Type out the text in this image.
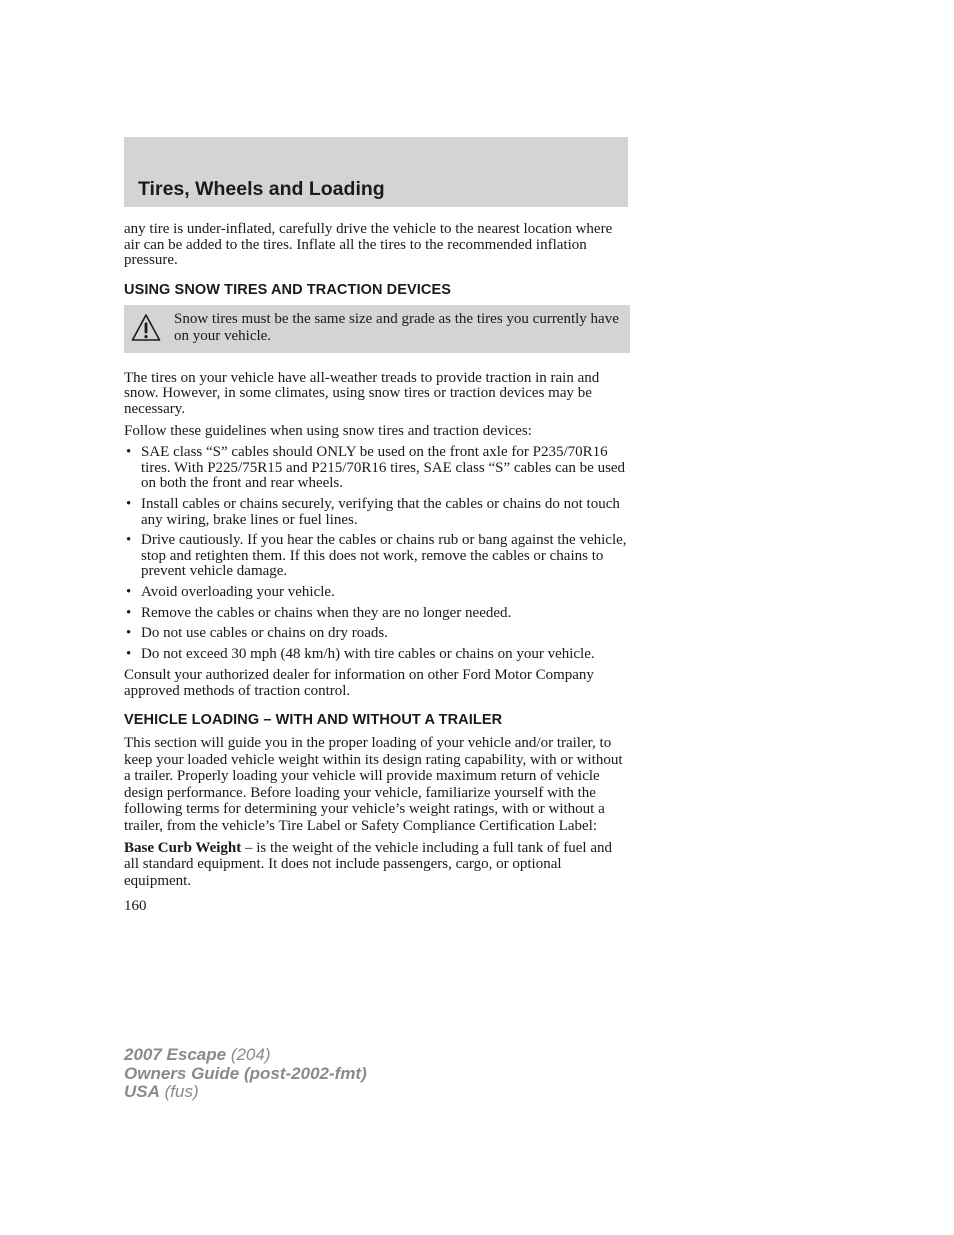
Tires, Wheels and Loading

any tire is under-inflated, carefully drive the vehicle to the nearest location where air can be added to the tires. Inflate all the tires to the recommended inflation pressure.

USING SNOW TIRES AND TRACTION DEVICES
Snow tires must be the same size and grade as the tires you currently have on your vehicle.

The tires on your vehicle have all-weather treads to provide traction in rain and snow. However, in some climates, using snow tires or traction devices may be necessary.

Follow these guidelines when using snow tires and traction devices:

• SAE class “S” cables should ONLY be used on the front axle for P235/70R16 tires. With P225/75R15 and P215/70R16 tires, SAE class “S” cables can be used on both the front and rear wheels.
• Install cables or chains securely, verifying that the cables or chains do not touch any wiring, brake lines or fuel lines.
• Drive cautiously. If you hear the cables or chains rub or bang against the vehicle, stop and retighten them. If this does not work, remove the cables or chains to prevent vehicle damage.
• Avoid overloading your vehicle.
• Remove the cables or chains when they are no longer needed.
• Do not use cables or chains on dry roads.
• Do not exceed 30 mph (48 km/h) with tire cables or chains on your vehicle.

Consult your authorized dealer for information on other Ford Motor Company approved methods of traction control.

VEHICLE LOADING – WITH AND WITHOUT A TRAILER

This section will guide you in the proper loading of your vehicle and/or trailer, to keep your loaded vehicle weight within its design rating capability, with or without a trailer. Properly loading your vehicle will provide maximum return of vehicle design performance. Before loading your vehicle, familiarize yourself with the following terms for determining your vehicle’s weight ratings, with or without a trailer, from the vehicle’s Tire Label or Safety Compliance Certification Label:

Base Curb Weight – is the weight of the vehicle including a full tank of fuel and all standard equipment. It does not include passengers, cargo, or optional equipment.

160
2007 Escape (204)
Owners Guide (post-2002-fmt)
USA (fus)
